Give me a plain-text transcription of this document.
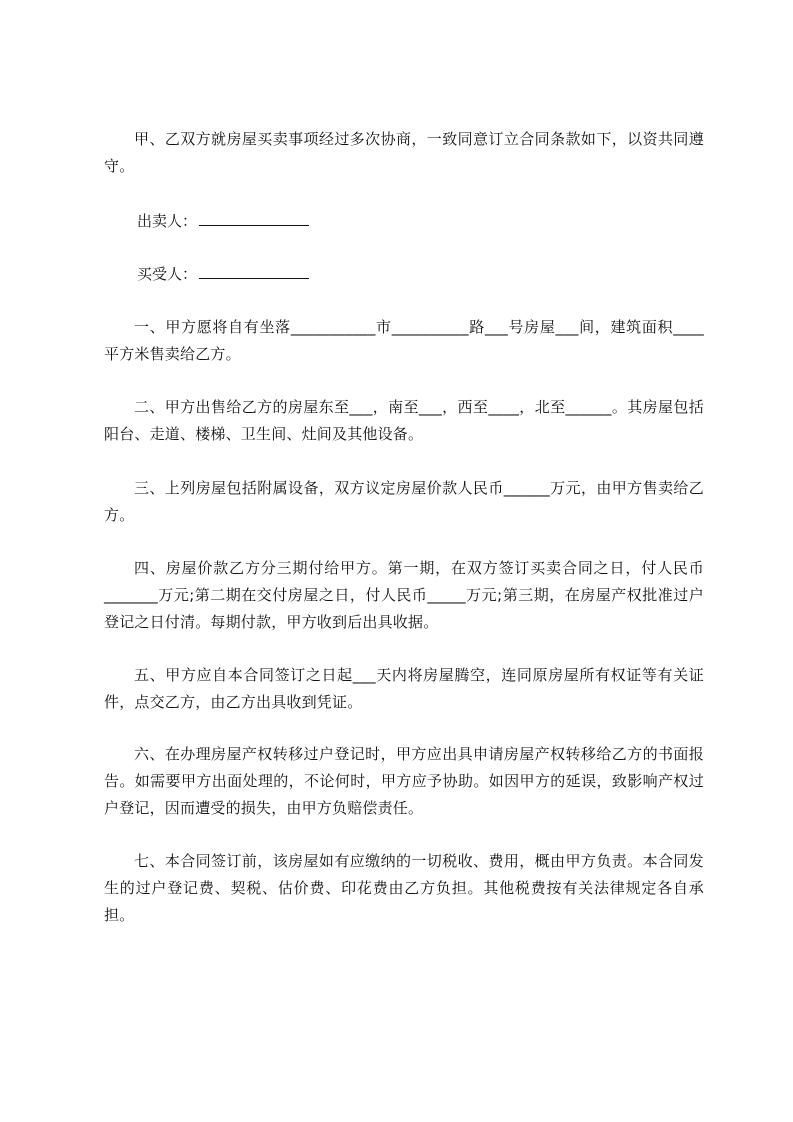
甲、乙双方就房屋买卖事项经过多次协商，一致同意订立合同条款如下，以资共同遵守。

出卖人：
买受人：

一、甲方愿将自有坐落___________市__________路___号房屋___间，建筑面积____平方米售卖给乙方。

二、甲方出售给乙方的房屋东至___，南至___，西至____，北至______。其房屋包括阳台、走道、楼梯、卫生间、灶间及其他设备。

三、上列房屋包括附属设备，双方议定房屋价款人民币______万元，由甲方售卖给乙方。

四、房屋价款乙方分三期付给甲方。第一期，在双方签订买卖合同之日，付人民币_______万元;第二期在交付房屋之日，付人民币_____万元;第三期，在房屋产权批准过户登记之日付清。每期付款，甲方收到后出具收据。

五、甲方应自本合同签订之日起___天内将房屋腾空，连同原房屋所有权证等有关证件，点交乙方，由乙方出具收到凭证。

六、在办理房屋产权转移过户登记时，甲方应出具申请房屋产权转移给乙方的书面报告。如需要甲方出面处理的，不论何时，甲方应予协助。如因甲方的延误，致影响产权过户登记，因而遭受的损失，由甲方负赔偿责任。

七、本合同签订前，该房屋如有应缴纳的一切税收、费用，概由甲方负责。本合同发生的过户登记费、契税、估价费、印花费由乙方负担。其他税费按有关法律规定各自承担。
